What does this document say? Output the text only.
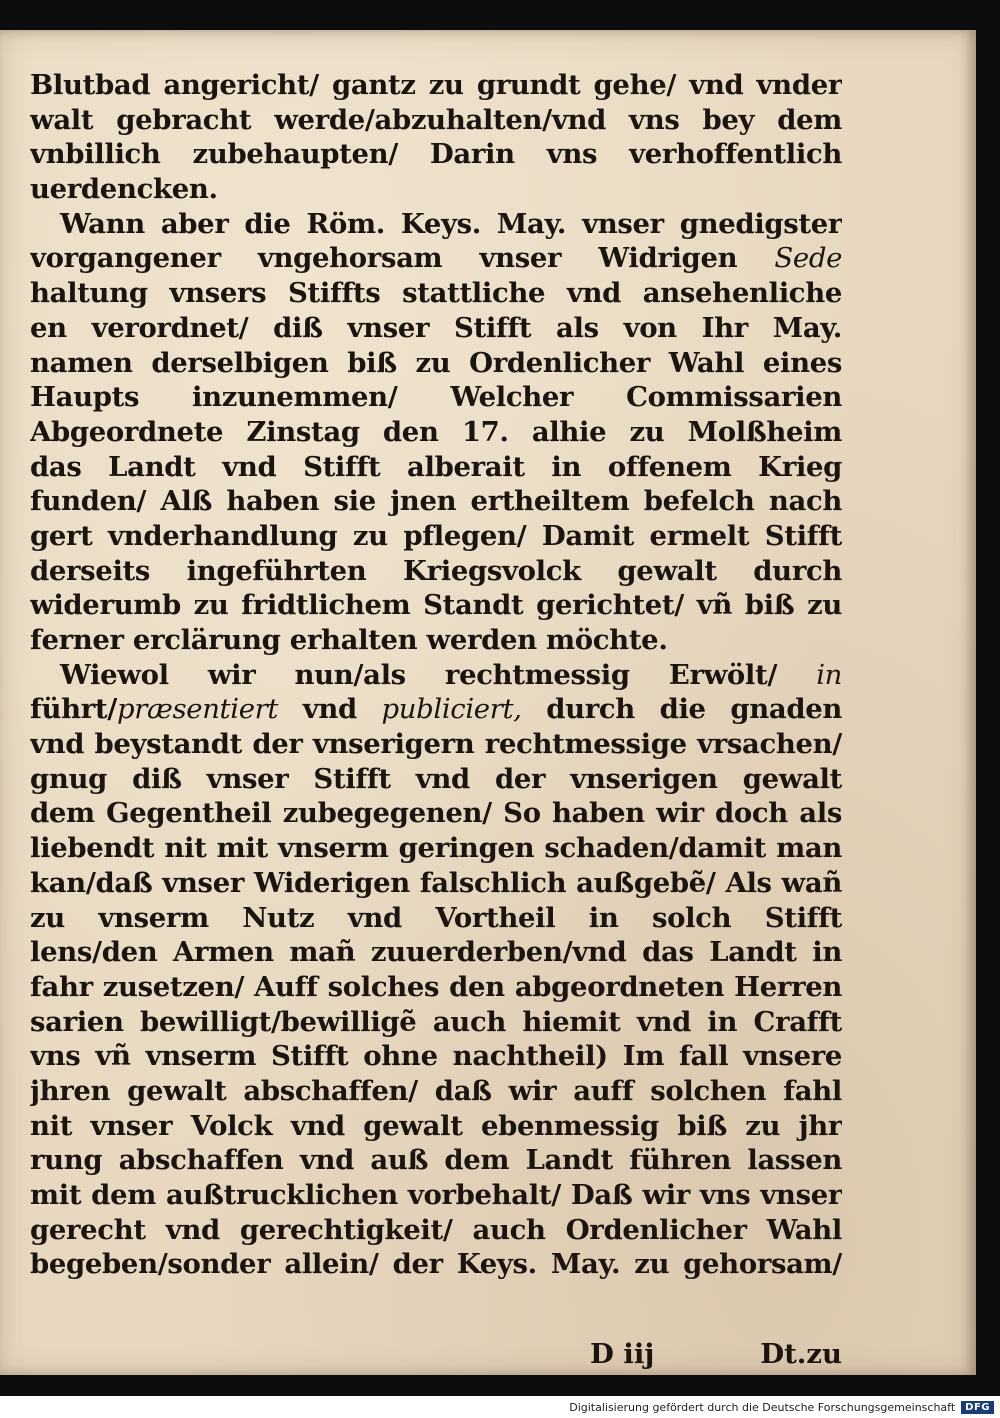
Blutbad angericht/ gantz zu grundt gehe/ vnd vnder
walt gebracht werde/abzuhalten/vnd vns bey dem
vnbillich zubehaupten/ Darin vns verhoffentlich
uerdencken.
Wann aber die Röm. Keys. May. vnser gnedigster
vorgangener vngehorsam vnser Widrigen Sede
haltung vnsers Stiffts stattliche vnd ansehenliche
en verordnet/ diß vnser Stifft als von Ihr May.
namen derselbigen biß zu Ordenlicher Wahl eines
Haupts inzunemmen/ Welcher Commissarien
Abgeordnete Zinstag den 17. alhie zu Molßheim
das Landt vnd Stifft alberait in offenem Krieg
funden/ Alß haben sie jnen ertheiltem befelch nach
gert vnderhandlung zu pflegen/ Damit ermelt Stifft
derseits ingeführten Kriegsvolck gewalt durch
widerumb zu fridtlichem Standt gerichtet/ vñ biß zu
ferner erclärung erhalten werden möchte.
Wiewol wir nun/als rechtmessig Erwölt/ in
führt/præsentiert vnd publiciert, durch die gnaden
vnd beystandt der vnserigern rechtmessige vrsachen/
gnug diß vnser Stifft vnd der vnserigen gewalt
dem Gegentheil zubegegenen/ So haben wir doch als
liebendt nit mit vnserm geringen schaden/damit man
kan/daß vnser Widerigen falschlich außgebẽ/ Als wañ
zu vnserm Nutz vnd Vortheil in solch Stifft
lens/den Armen mañ zuuerderben/vnd das Landt in
fahr zusetzen/ Auff solches den abgeordneten Herren
sarien bewilligt/bewilligẽ auch hiemit vnd in Crafft
vns vñ vnserm Stifft ohne nachtheil) Im fall vnsere
jhren gewalt abschaffen/ daß wir auff solchen fahl
nit vnser Volck vnd gewalt ebenmessig biß zu jhr
rung abschaffen vnd auß dem Landt führen lassen
mit dem außtrucklichen vorbehalt/ Daß wir vns vnser
gerecht vnd gerechtigkeit/ auch Ordenlicher Wahl
begeben/sonder allein/ der Keys. May. zu gehorsam/
D iij	Dt.zu
Digitalisierung gefördert durch die Deutsche Forschungsgemeinschaft	DFG
